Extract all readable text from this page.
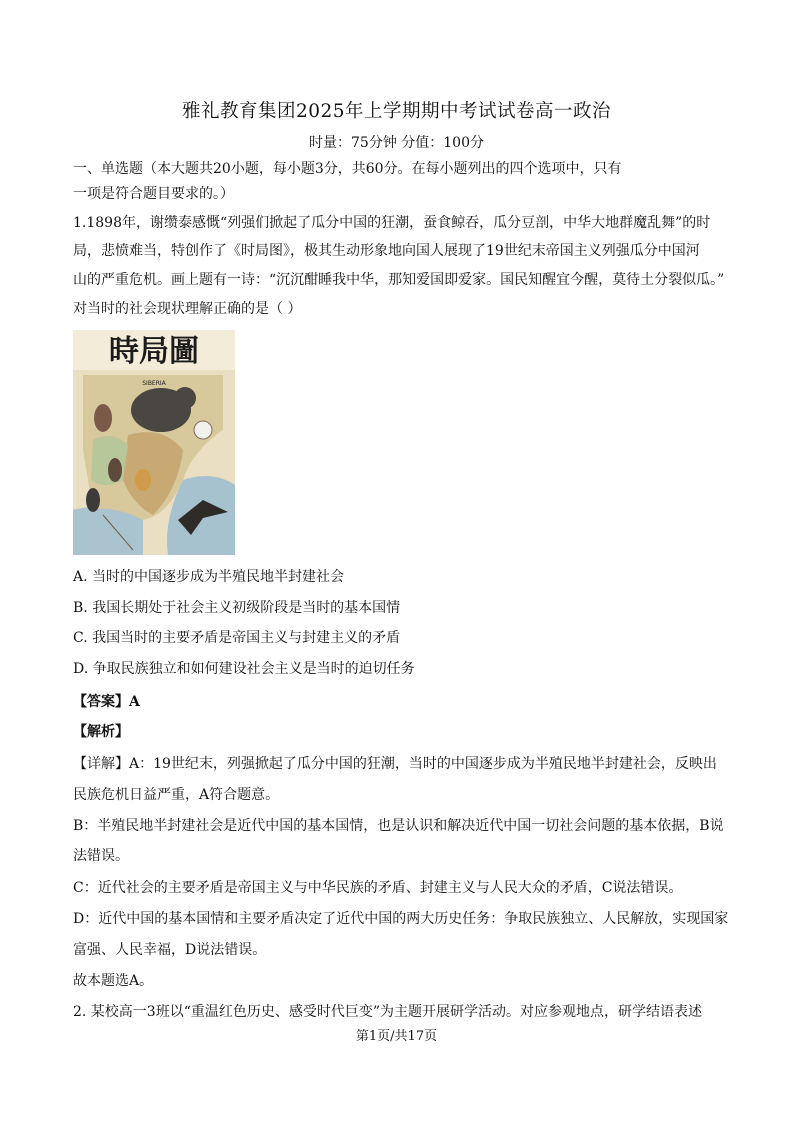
雅礼教育集团2025年上学期期中考试试卷高一政治
时量：75分钟 分值：100分
一、单选题（本大题共20小题，每小题3分，共60分。在每小题列出的四个选项中，只有
一项是符合题目要求的。）
1.1898年，谢缵泰感慨“列强们掀起了瓜分中国的狂潮，蚕食鲸吞，瓜分豆剖，中华大地群魔乱舞”的时
局，悲愤难当，特创作了《时局图》，极其生动形象地向国人展现了19世纪末帝国主义列强瓜分中国河
山的严重危机。画上题有一诗：“沉沉酣睡我中华，那知爱国即爱家。国民知醒宜今醒，莫待土分裂似瓜。”
对当时的社会现状理解正确的是（ ）
時局圖
SIBERIA
A. 当时的中国逐步成为半殖民地半封建社会
B. 我国长期处于社会主义初级阶段是当时的基本国情
C. 我国当时的主要矛盾是帝国主义与封建主义的矛盾
D. 争取民族独立和如何建设社会主义是当时的迫切任务
【答案】A
【解析】
【详解】A：19世纪末，列强掀起了瓜分中国的狂潮，当时的中国逐步成为半殖民地半封建社会，反映出
民族危机日益严重，A符合题意。
B：半殖民地半封建社会是近代中国的基本国情，也是认识和解决近代中国一切社会问题的基本依据，B说
法错误。
C：近代社会的主要矛盾是帝国主义与中华民族的矛盾、封建主义与人民大众的矛盾，C说法错误。
D：近代中国的基本国情和主要矛盾决定了近代中国的两大历史任务：争取民族独立、人民解放，实现国家
富强、人民幸福，D说法错误。
故本题选A。
2. 某校高一3班以“重温红色历史、感受时代巨变”为主题开展研学活动。对应参观地点，研学结语表述
第1页/共17页
